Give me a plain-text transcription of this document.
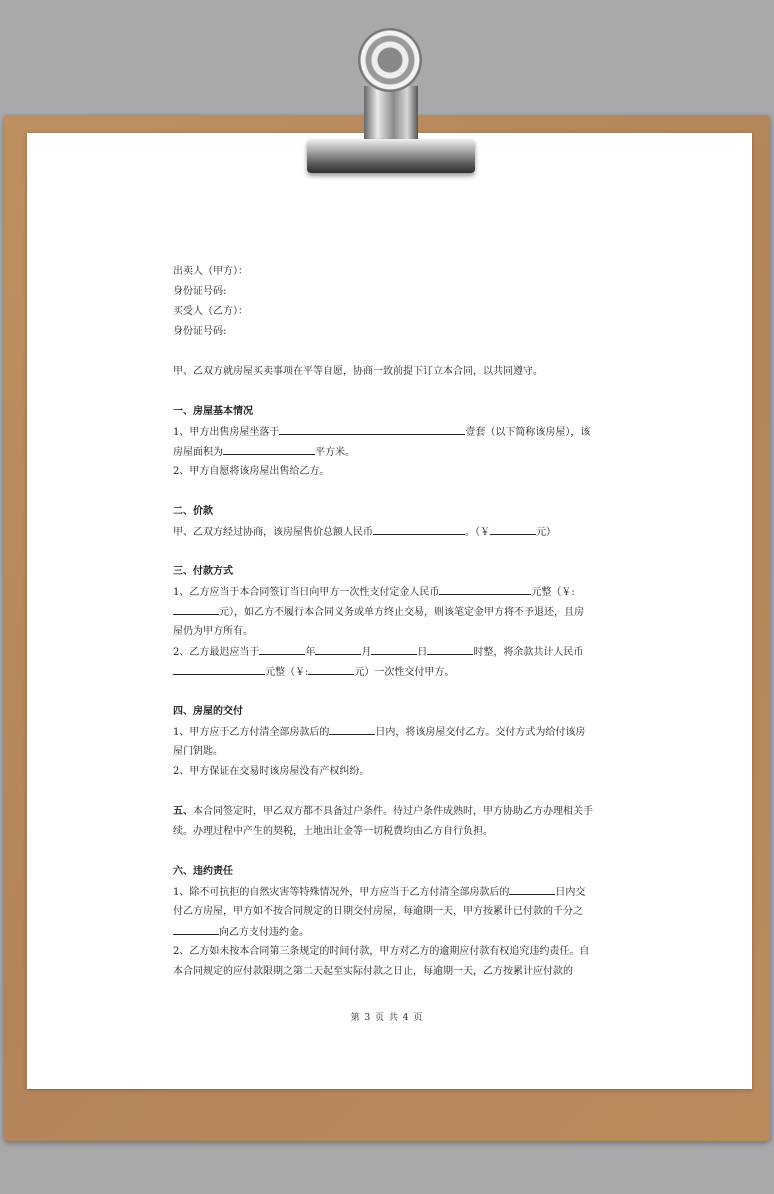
出卖人（甲方）：
身份证号码:
买受人（乙方）：
身份证号码:
甲、乙双方就房屋买卖事项在平等自愿，协商一致前提下订立本合同，以共同遵守。
一、房屋基本情况
1、甲方出售房屋坐落于	壹套（以下简称该房屋），该
房屋面积为	平方米。
2、甲方自愿将该房屋出售给乙方。
二、价款
甲、乙双方经过协商，该房屋售价总额人民币	。（￥	元）
三、付款方式
1、乙方应当于本合同签订当日向甲方一次性支付定金人民币	元整（￥:
元），如乙方不履行本合同义务或单方终止交易，则该笔定金甲方将不予退还，且房
屋仍为甲方所有。
2、乙方最迟应当于	年	月	日	时整，将余款共计人民币
元整（￥:	元）一次性交付甲方。
四、房屋的交付
1、甲方应于乙方付清全部房款后的	日内，将该房屋交付乙方。交付方式为给付该房
屋门钥匙。
2、甲方保证在交易时该房屋没有产权纠纷。
五、本合同签定时，甲乙双方都不具备过户条件。待过户条件成熟时，甲方协助乙方办理相关手
续。办理过程中产生的契税，土地出让金等一切税费均由乙方自行负担。
六、违约责任
1、除不可抗拒的自然灾害等特殊情况外，甲方应当于乙方付清全部房款后的	日内交
付乙方房屋，甲方如不按合同规定的日期交付房屋，每逾期一天，甲方按累计已付款的千分之
向乙方支付违约金。
2、乙方如未按本合同第三条规定的时间付款，甲方对乙方的逾期应付款有权追究违约责任。自
本合同规定的应付款限期之第二天起至实际付款之日止，每逾期一天，乙方按累计应付款的
第 3 页 共 4 页
